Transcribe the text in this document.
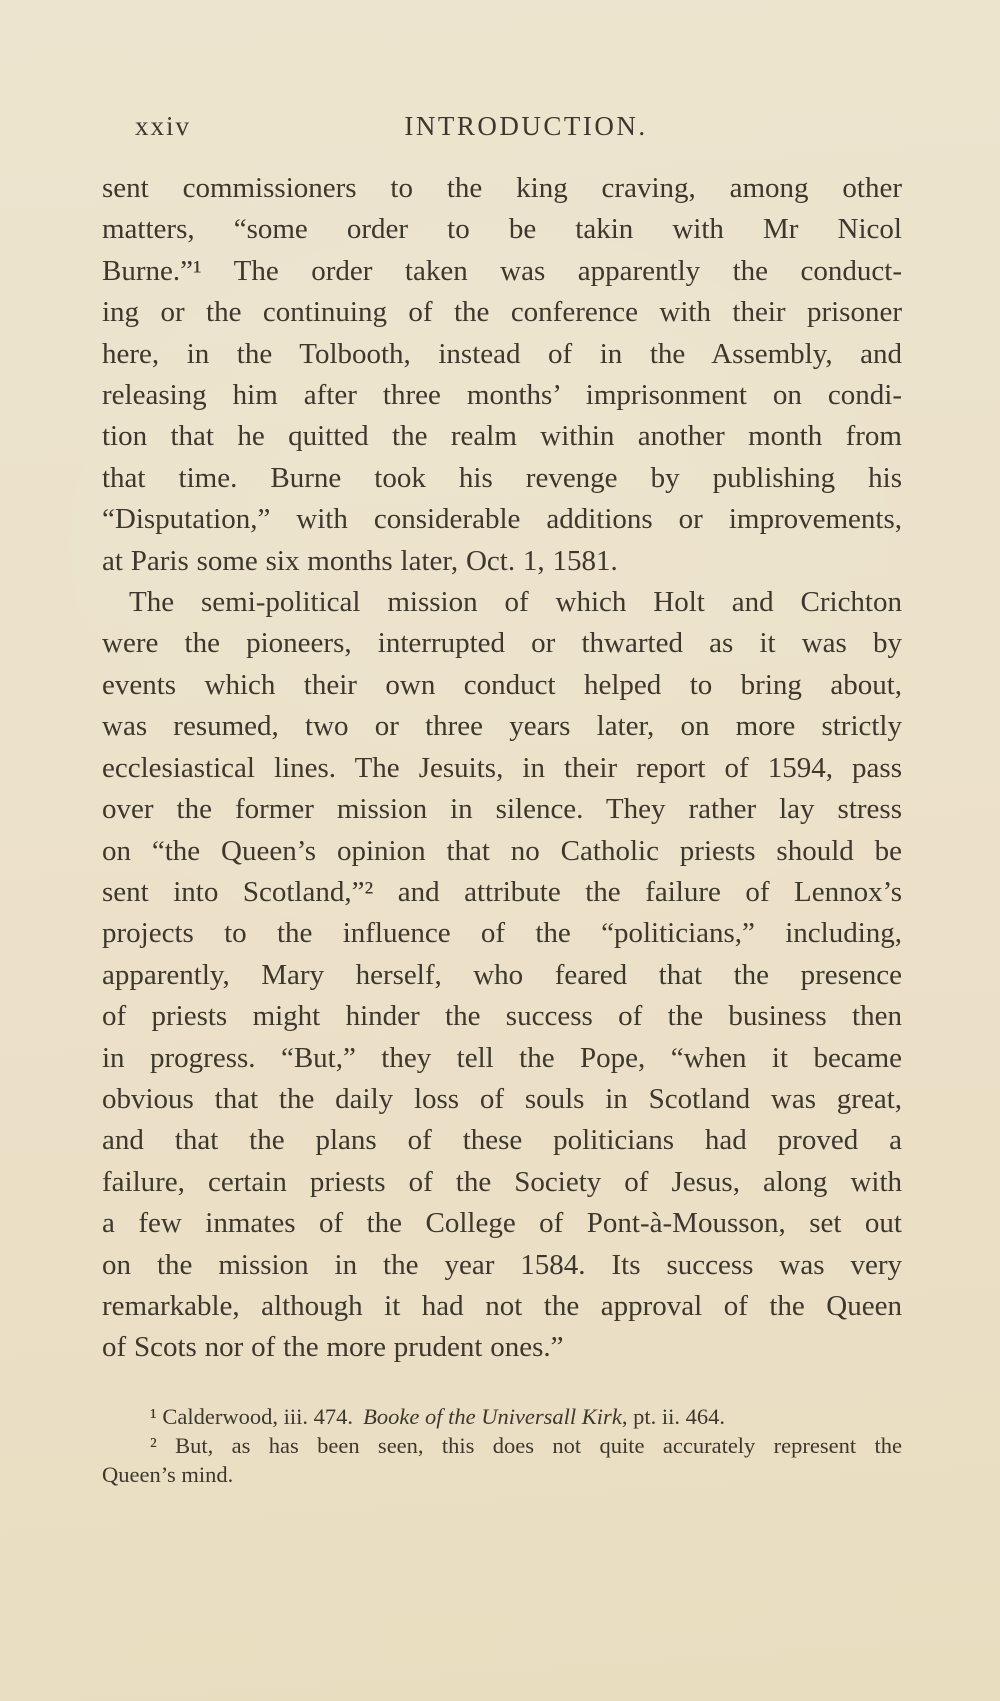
xxiv	INTRODUCTION.
sent commissioners to the king craving, among other
matters, “some order to be takin with Mr Nicol
Burne.”¹ The order taken was apparently the conduct-
ing or the continuing of the conference with their prisoner
here, in the Tolbooth, instead of in the Assembly, and
releasing him after three months’ imprisonment on condi-
tion that he quitted the realm within another month from
that time. Burne took his revenge by publishing his
“Disputation,” with considerable additions or improvements,
at Paris some six months later, Oct. 1, 1581.
The semi-political mission of which Holt and Crichton
were the pioneers, interrupted or thwarted as it was by
events which their own conduct helped to bring about,
was resumed, two or three years later, on more strictly
ecclesiastical lines. The Jesuits, in their report of 1594, pass
over the former mission in silence. They rather lay stress
on “the Queen’s opinion that no Catholic priests should be
sent into Scotland,”² and attribute the failure of Lennox’s
projects to the influence of the “politicians,” including,
apparently, Mary herself, who feared that the presence
of priests might hinder the success of the business then
in progress. “But,” they tell the Pope, “when it became
obvious that the daily loss of souls in Scotland was great,
and that the plans of these politicians had proved a
failure, certain priests of the Society of Jesus, along with
a few inmates of the College of Pont-à-Mousson, set out
on the mission in the year 1584. Its success was very
remarkable, although it had not the approval of the Queen
of Scots nor of the more prudent ones.”
¹ Calderwood, iii. 474. Booke of the Universall Kirk, pt. ii. 464.
² But, as has been seen, this does not quite accurately represent the
Queen’s mind.
